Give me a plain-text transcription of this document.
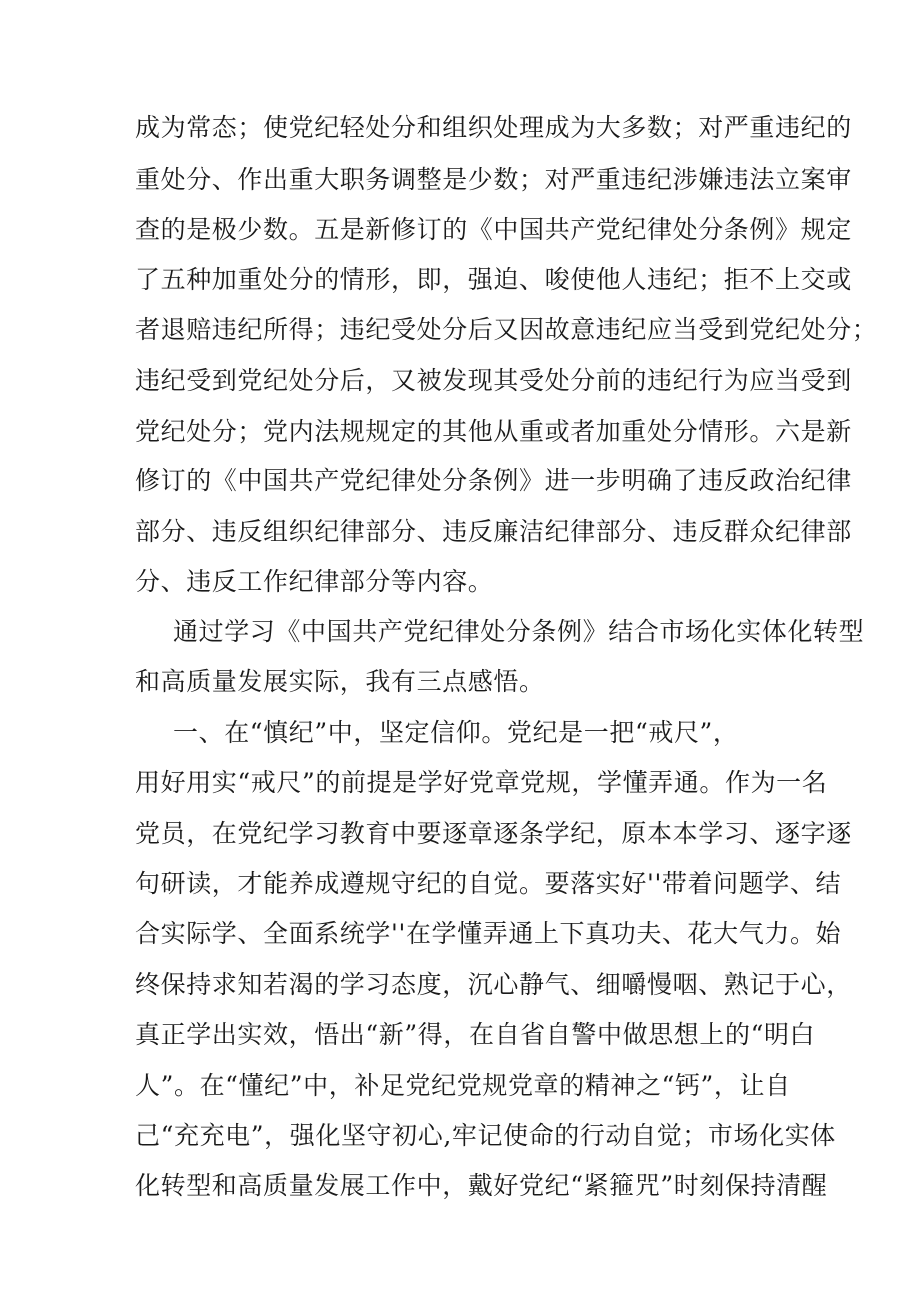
成为常态；使党纪轻处分和组织处理成为大多数；对严重违纪的
重处分、作出重大职务调整是少数；对严重违纪涉嫌违法立案审
查的是极少数。五是新修订的《中国共产党纪律处分条例》规定
了五种加重处分的情形，即，强迫、唆使他人违纪；拒不上交或
者退赔违纪所得；违纪受处分后又因故意违纪应当受到党纪处分；
违纪受到党纪处分后，又被发现其受处分前的违纪行为应当受到
党纪处分；党内法规规定的其他从重或者加重处分情形。六是新
修订的《中国共产党纪律处分条例》进一步明确了违反政治纪律
部分、违反组织纪律部分、违反廉洁纪律部分、违反群众纪律部
分、违反工作纪律部分等内容。
通过学习《中国共产党纪律处分条例》结合市场化实体化转型
和高质量发展实际，我有三点感悟。
一、在“慎纪”中，坚定信仰。党纪是一把“戒尺”，
用好用实“戒尺”的前提是学好党章党规，学懂弄通。作为一名
党员，在党纪学习教育中要逐章逐条学纪，原本本学习、逐字逐
句研读，才能养成遵规守纪的自觉。要落实好''带着问题学、结
合实际学、全面系统学''在学懂弄通上下真功夫、花大气力。始
终保持求知若渴的学习态度，沉心静气、细嚼慢咽、熟记于心，
真正学出实效，悟出“新”得，在自省自警中做思想上的“明白
人”。在“懂纪”中，补足党纪党规党章的精神之“钙”，让自
己“充充电”，强化坚守初心,牢记使命的行动自觉；市场化实体
化转型和高质量发展工作中，戴好党纪“紧箍咒”时刻保持清醒
